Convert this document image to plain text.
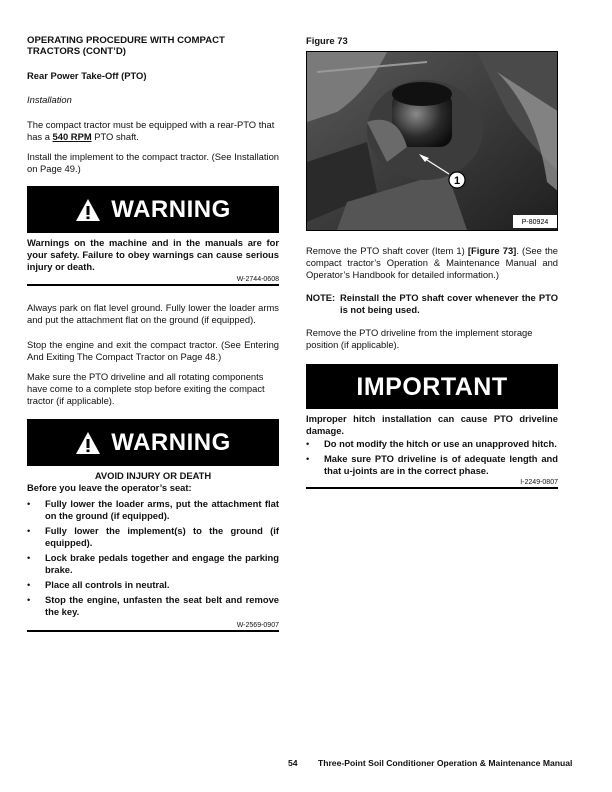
OPERATING PROCEDURE WITH COMPACT TRACTORS (CONT’D)

Rear Power Take-Off (PTO)

Installation

The compact tractor must be equipped with a rear-PTO that has a 540 RPM PTO shaft.

Install the implement to the compact tractor. (See Installation on Page 49.)

WARNING

Warnings on the machine and in the manuals are for your safety. Failure to obey warnings can cause serious injury or death.

W-2744-0608

Always park on flat level ground. Fully lower the loader arms and put the attachment flat on the ground (if equipped).

Stop the engine and exit the compact tractor. (See Entering And Exiting The Compact Tractor on Page 48.)

Make sure the PTO driveline and all rotating components have come to a complete stop before exiting the compact tractor (if applicable).

WARNING

AVOID INJURY OR DEATH

Before you leave the operator’s seat:

• Fully lower the loader arms, put the attachment flat on the ground (if equipped).
• Fully lower the implement(s) to the ground (if equipped).
• Lock brake pedals together and engage the parking brake.
• Place all controls in neutral.
• Stop the engine, unfasten the seat belt and remove the key.

W-2569-0907

Figure 73

1
P-80924

Remove the PTO shaft cover (Item 1) [Figure 73]. (See the compact tractor’s Operation & Maintenance Manual and Operator’s Handbook for detailed information.)

NOTE: Reinstall the PTO shaft cover whenever the PTO is not being used.

Remove the PTO driveline from the implement storage position (if applicable).

IMPORTANT

Improper hitch installation can cause PTO driveline damage.

• Do not modify the hitch or use an unapproved hitch.
• Make sure PTO driveline is of adequate length and that u-joints are in the correct phase.

I-2249-0807

54 Three-Point Soil Conditioner Operation & Maintenance Manual
